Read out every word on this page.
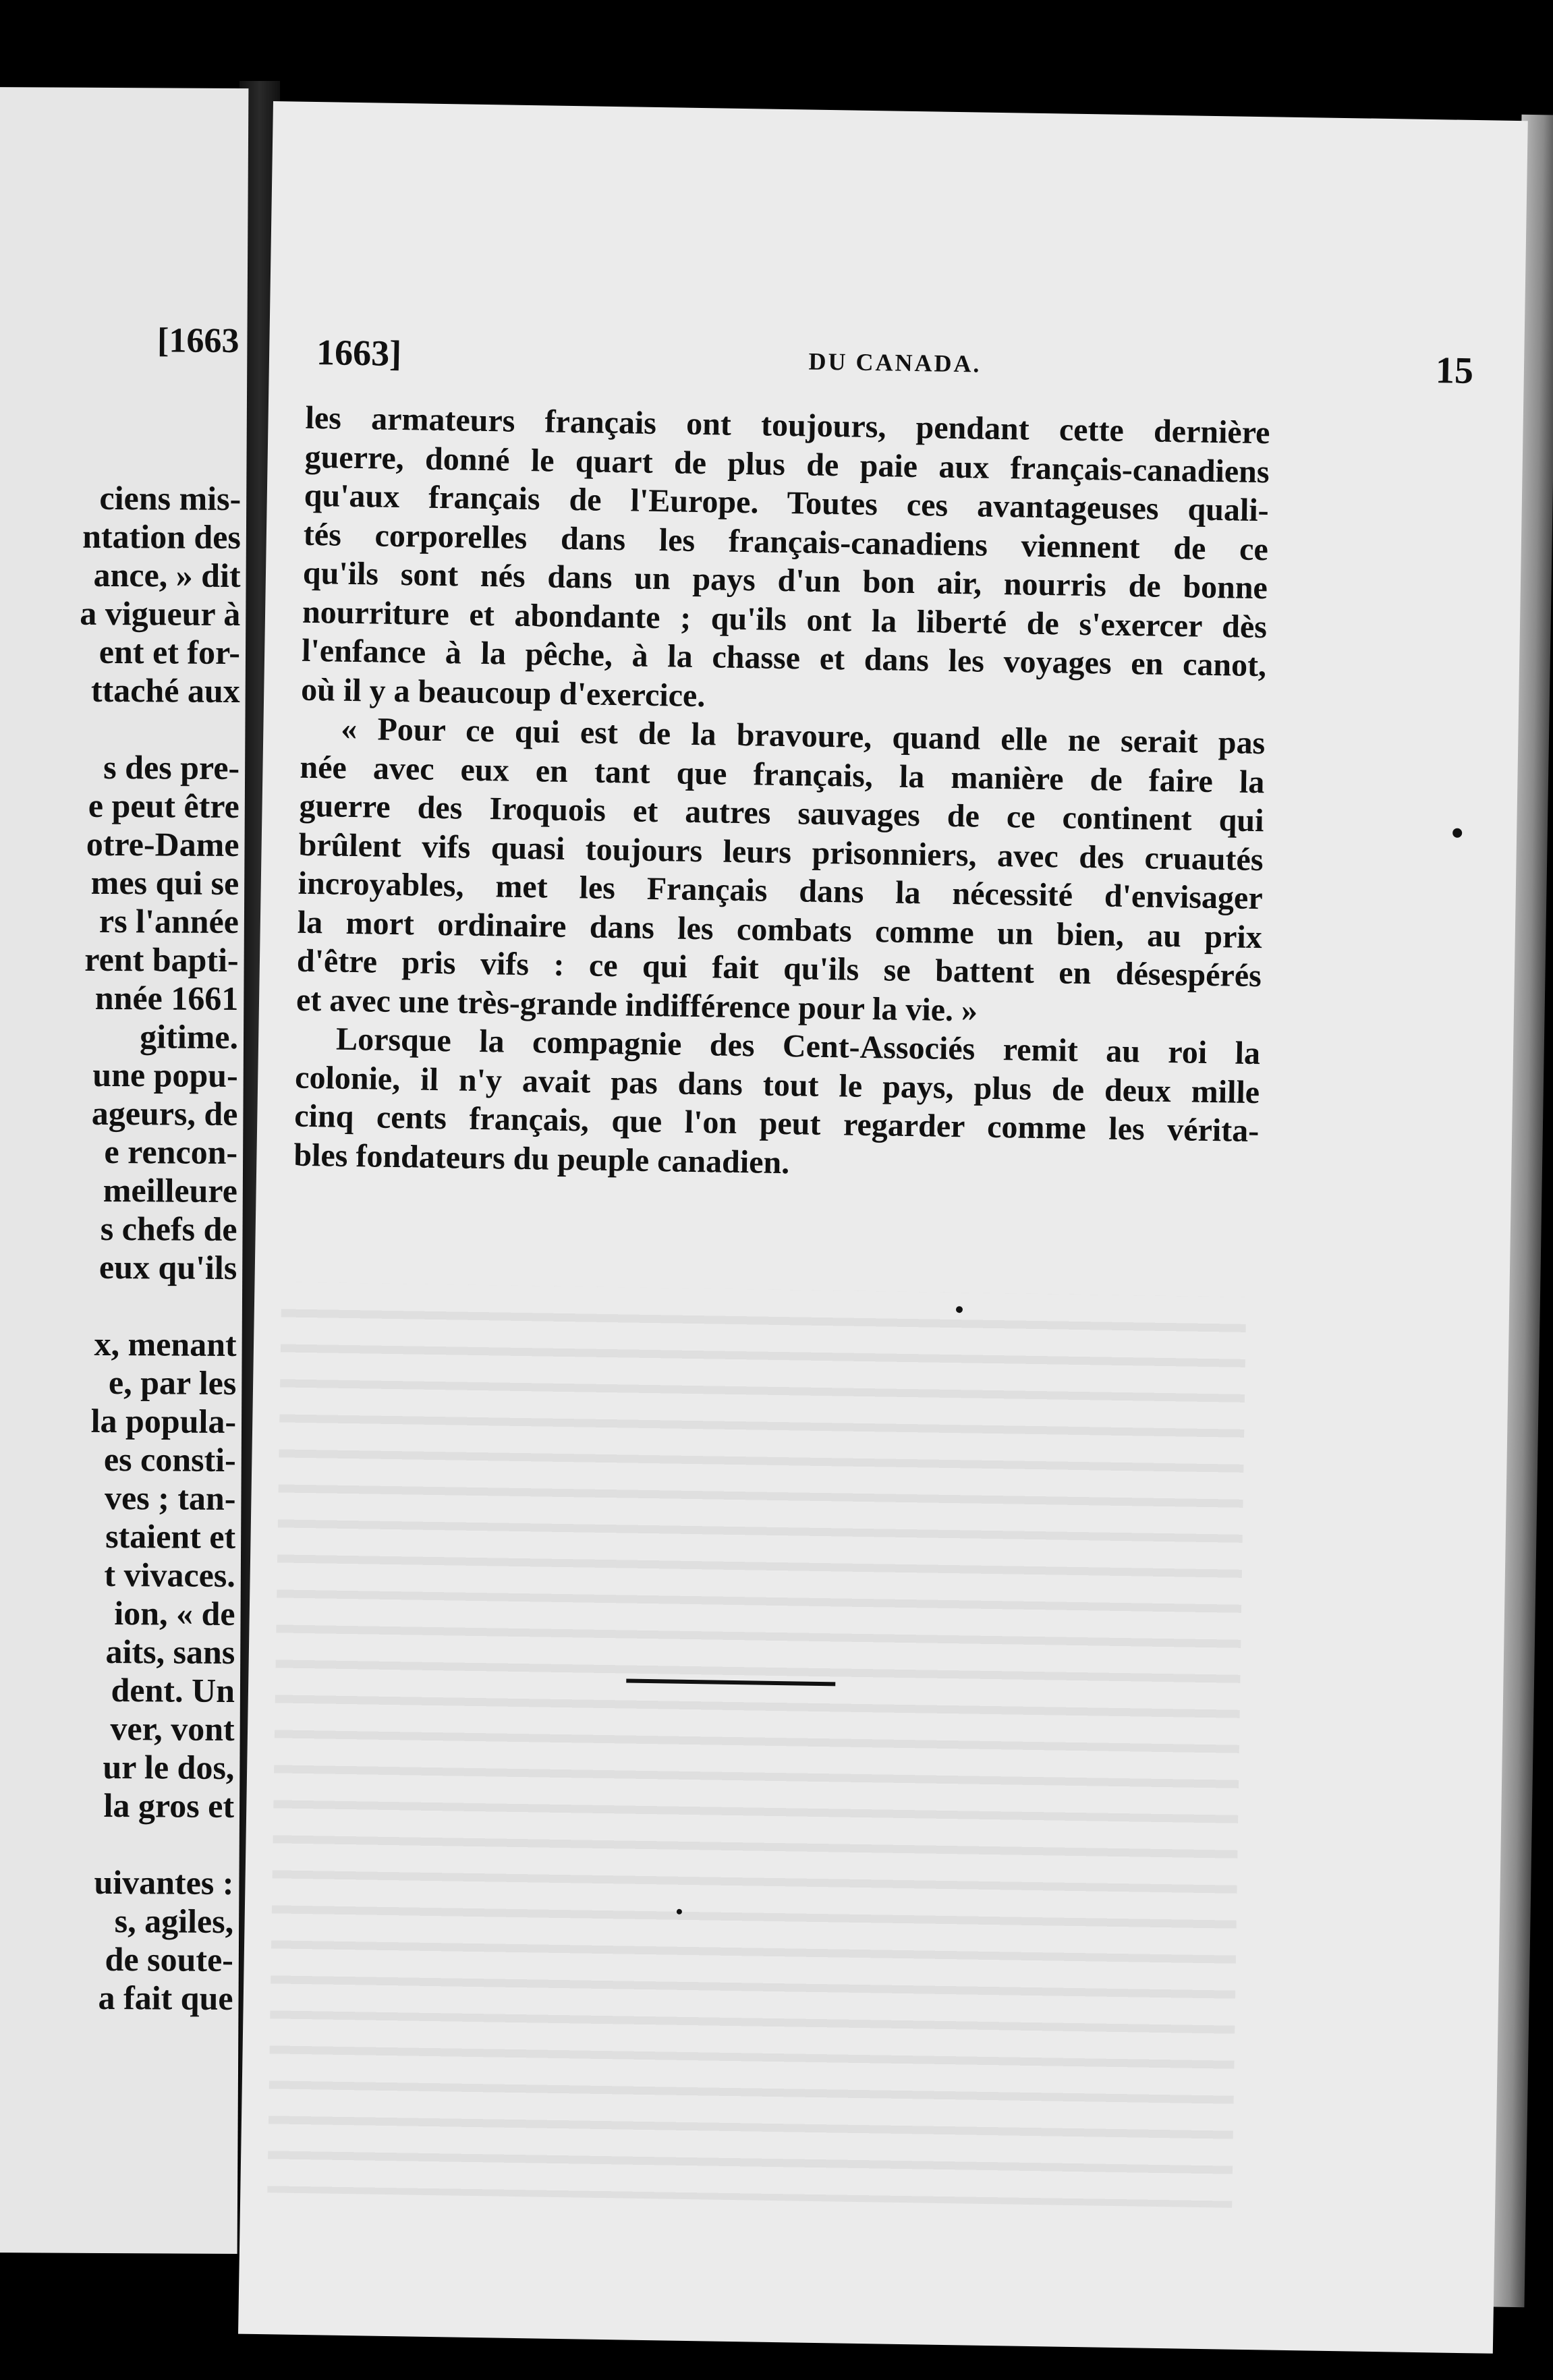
[1663
ciens mis-
ntation des
ance, » dit
a vigueur à
ent et for-
ttaché aux

s des pre-
e peut être
otre-Dame
mes qui se
rs l'année
rent bapti-
nnée 1661
gitime.
une popu-
ageurs, de
e rencon-
meilleure
s chefs de
eux qu'ils

x, menant
e, par les
la popula-
es consti-
ves ; tan-
staient et
t vivaces.
ion, « de
aits, sans
dent. Un
ver, vont
ur le dos,
la gros et

uivantes :
s, agiles,
de soute-
a fait que
1663]	DU CANADA.	15
les armateurs français ont toujours, pendant cette dernière
guerre, donné le quart de plus de paie aux français-canadiens
qu'aux français de l'Europe. Toutes ces avantageuses quali-
tés corporelles dans les français-canadiens viennent de ce
qu'ils sont nés dans un pays d'un bon air, nourris de bonne
nourriture et abondante ; qu'ils ont la liberté de s'exercer dès
l'enfance à la pêche, à la chasse et dans les voyages en canot,
où il y a beaucoup d'exercice.
« Pour ce qui est de la bravoure, quand elle ne serait pas
née avec eux en tant que français, la manière de faire la
guerre des Iroquois et autres sauvages de ce continent qui
brûlent vifs quasi toujours leurs prisonniers, avec des cruautés
incroyables, met les Français dans la nécessité d'envisager
la mort ordinaire dans les combats comme un bien, au prix
d'être pris vifs : ce qui fait qu'ils se battent en désespérés
et avec une très-grande indifférence pour la vie. »
Lorsque la compagnie des Cent-Associés remit au roi la
colonie, il n'y avait pas dans tout le pays, plus de deux mille
cinq cents français, que l'on peut regarder comme les vérita-
bles fondateurs du peuple canadien.
